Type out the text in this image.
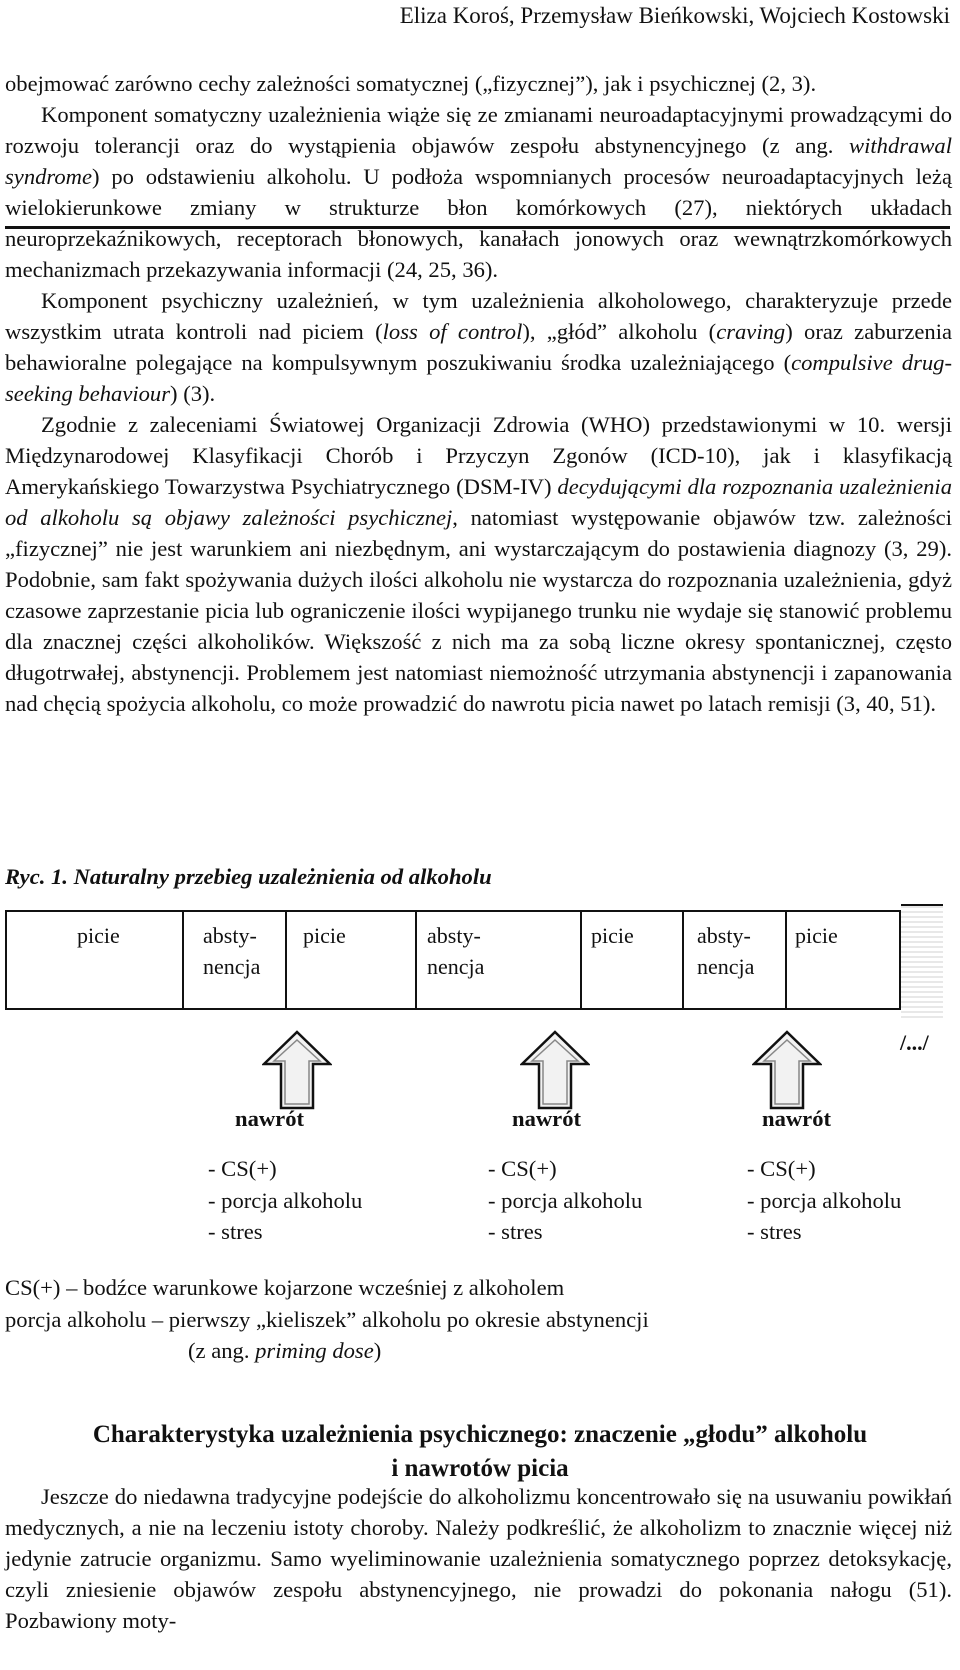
Eliza Koroś, Przemysław Bieńkowski, Wojciech Kostowski

obejmować zarówno cechy zależności somatycznej („fizycznej”), jak i psychicznej (2, 3).

Komponent somatyczny uzależnienia wiąże się ze zmianami neuroadaptacyjnymi prowadzącymi do rozwoju tolerancji oraz do wystąpienia objawów zespołu abstynencyjnego (z ang. withdrawal syndrome) po odstawieniu alkoholu. U podłoża wspomnianych procesów neuroadaptacyjnych leżą wielokierunkowe zmiany w strukturze błon komórkowych (27), niektórych układach neuroprzekaźnikowych, receptorach błonowych, kanałach jonowych oraz wewnątrzkomórkowych mechanizmach przekazywania informacji (24, 25, 36).

Komponent psychiczny uzależnień, w tym uzależnienia alkoholowego, charakteryzuje przede wszystkim utrata kontroli nad piciem (loss of control), „głód” alkoholu (craving) oraz zaburzenia behawioralne polegające na kompulsywnym poszukiwaniu środka uzależniającego (compulsive drug-seeking behaviour) (3).

Zgodnie z zaleceniami Światowej Organizacji Zdrowia (WHO) przedstawionymi w 10. wersji Międzynarodowej Klasyfikacji Chorób i Przyczyn Zgonów (ICD-10), jak i klasyfikacją Amerykańskiego Towarzystwa Psychiatrycznego (DSM-IV) decydującymi dla rozpoznania uzależnienia od alkoholu są objawy zależności psychicznej, natomiast występowanie objawów tzw. zależności „fizycznej” nie jest warunkiem ani niezbędnym, ani wystarczającym do postawienia diagnozy (3, 29). Podobnie, sam fakt spożywania dużych ilości alkoholu nie wystarcza do rozpoznania uzależnienia, gdyż czasowe zaprzestanie picia lub ograniczenie ilości wypijanego trunku nie wydaje się stanowić problemu dla znacznej części alkoholików. Większość z nich ma za sobą liczne okresy spontanicznej, często długotrwałej, abstynencji. Problemem jest natomiast niemożność utrzymania abstynencji i zapanowania nad chęcią spożycia alkoholu, co może prowadzić do nawrotu picia nawet po latach remisji (3, 40, 51).

Ryc. 1. Naturalny przebieg uzależnienia od alkoholu
picie	absty-
nencja
picie	absty-
nencja
picie	absty-
nencja
picie
/.../
nawrót	nawrót	nawrót
- CS(+)
- porcja alkoholu
- stres
- CS(+)
- porcja alkoholu
- stres
- CS(+)
- porcja alkoholu
- stres
CS(+) – bodźce warunkowe kojarzone wcześniej z alkoholem
porcja alkoholu – pierwszy „kieliszek” alkoholu po okresie abstynencji
(z ang. priming dose)
Charakterystyka uzależnienia psychicznego: znaczenie „głodu” alkoholu
i nawrotów picia

Jeszcze do niedawna tradycyjne podejście do alkoholizmu koncentrowało się na usuwaniu powikłań medycznych, a nie na leczeniu istoty choroby. Należy podkreślić, że alkoholizm to znacznie więcej niż jedynie zatrucie organizmu. Samo wyeliminowanie uzależnienia somatycznego poprzez detoksykację, czyli zniesienie objawów zespołu abstynencyjnego, nie prowadzi do pokonania nałogu (51). Pozbawiony moty-
